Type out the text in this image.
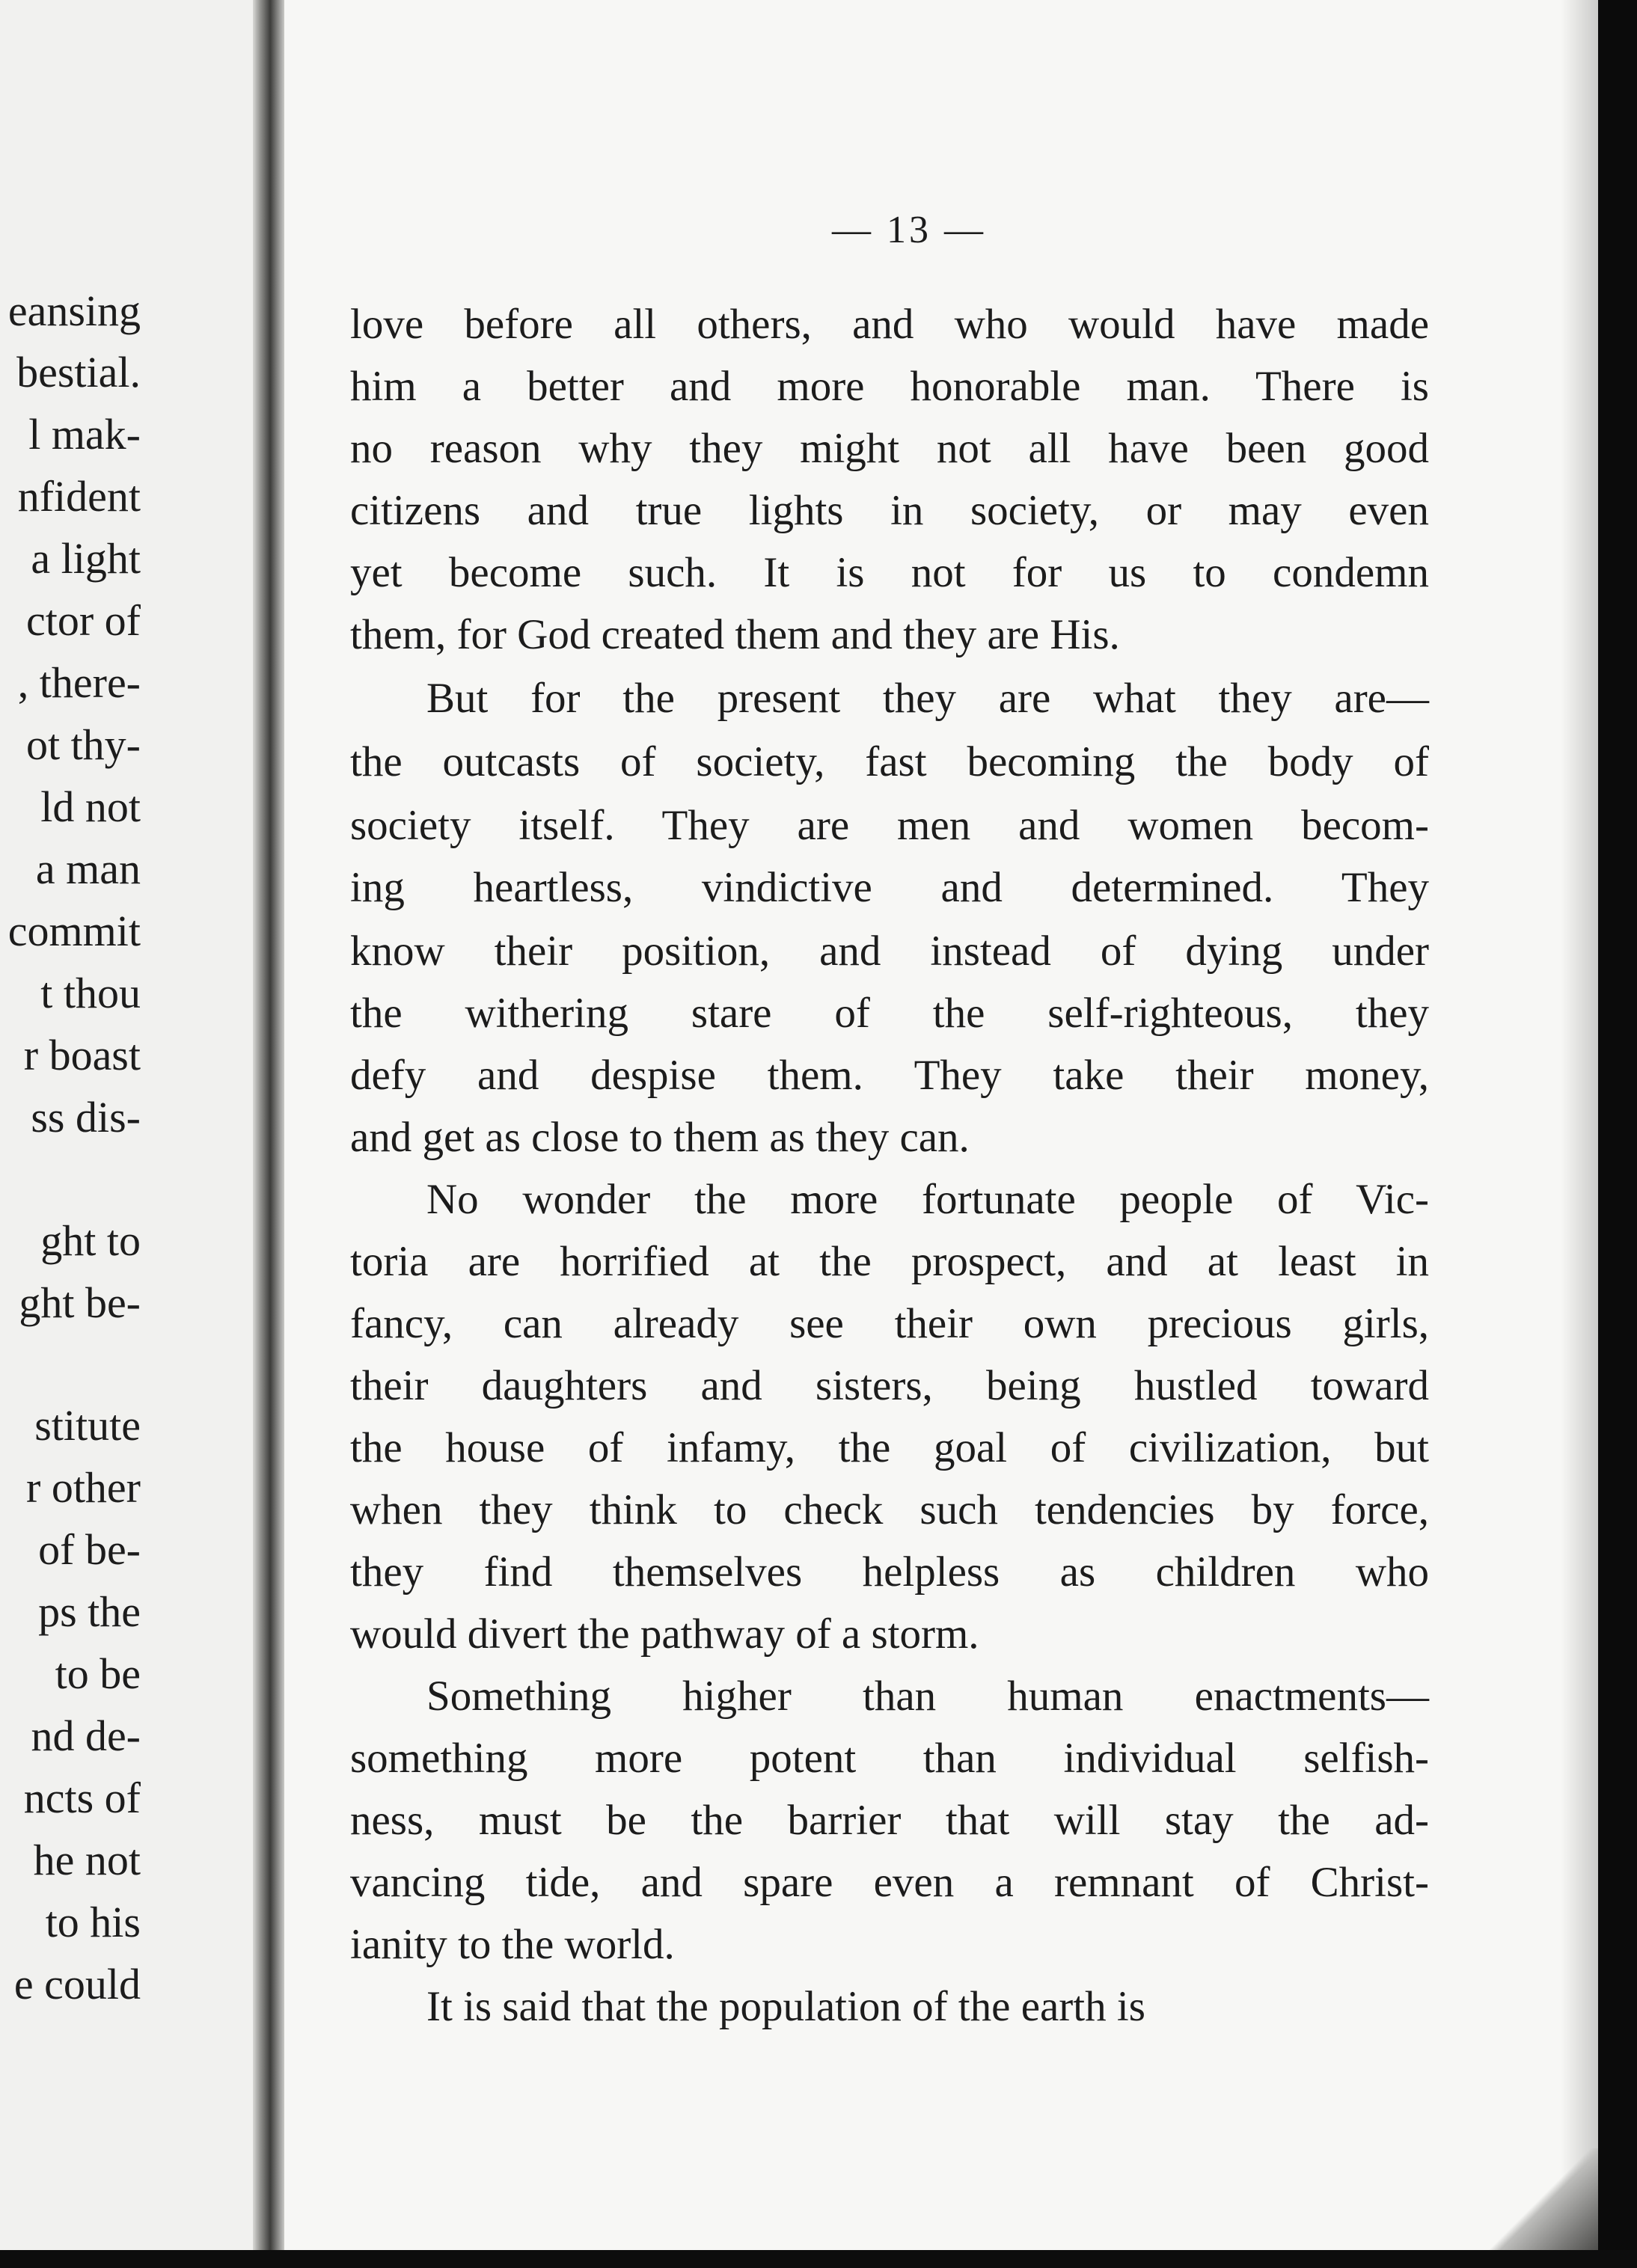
eansing
bestial.
l mak-
nfident
a light
ctor of
, there-
ot thy-
ld not
a man
commit
t thou
r boast
ss dis-
ght to
ght be-
stitute
r other
of be-
ps the
to be
nd de-
ncts of
he not
to his
e could
— 13 —
love before all others, and who would have made
him a better and more honorable man. There is
no reason why they might not all have been good
citizens and true lights in society, or may even
yet become such. It is not for us to condemn
them, for God created them and they are His.
But for the present they are what they are—
the outcasts of society, fast becoming the body of
society itself. They are men and women becom-
ing heartless, vindictive and determined. They
know their position, and instead of dying under
the withering stare of the self-righteous, they
defy and despise them. They take their money,
and get as close to them as they can.
No wonder the more fortunate people of Vic-
toria are horrified at the prospect, and at least in
fancy, can already see their own precious girls,
their daughters and sisters, being hustled toward
the house of infamy, the goal of civilization, but
when they think to check such tendencies by force,
they find themselves helpless as children who
would divert the pathway of a storm.
Something higher than human enactments—
something more potent than individual selfish-
ness, must be the barrier that will stay the ad-
vancing tide, and spare even a remnant of Christ-
ianity to the world.
It is said that the population of the earth is
